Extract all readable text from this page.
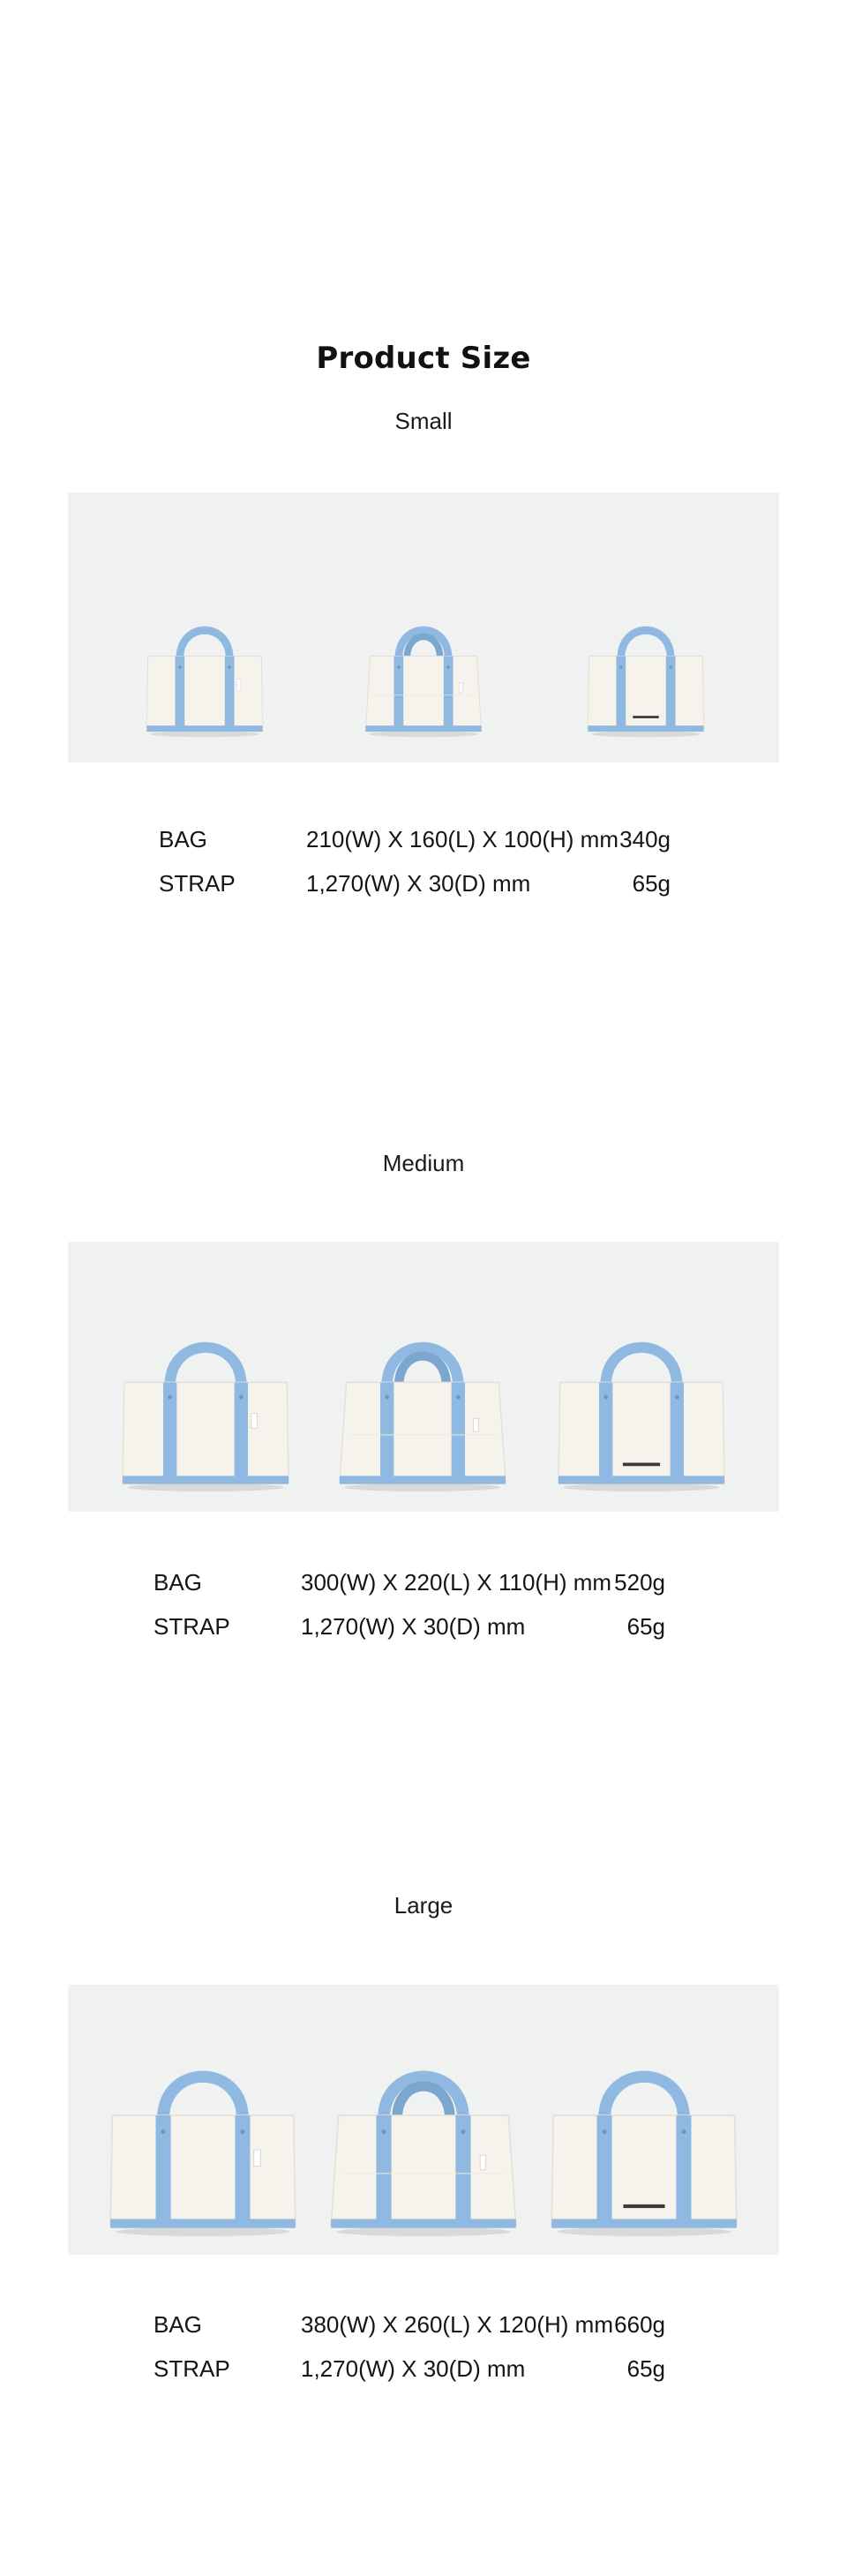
Product Size
Small
BAG	210(W) X 160(L) X 100(H) mm 340g
STRAP	1,270(W) X 30(D) mm	65g
Medium
BAG	300(W) X 220(L) X 110(H) mm 520g
STRAP	1,270(W) X 30(D) mm	65g
Large
BAG	380(W) X 260(L) X 120(H) mm 660g
STRAP	1,270(W) X 30(D) mm	65g
